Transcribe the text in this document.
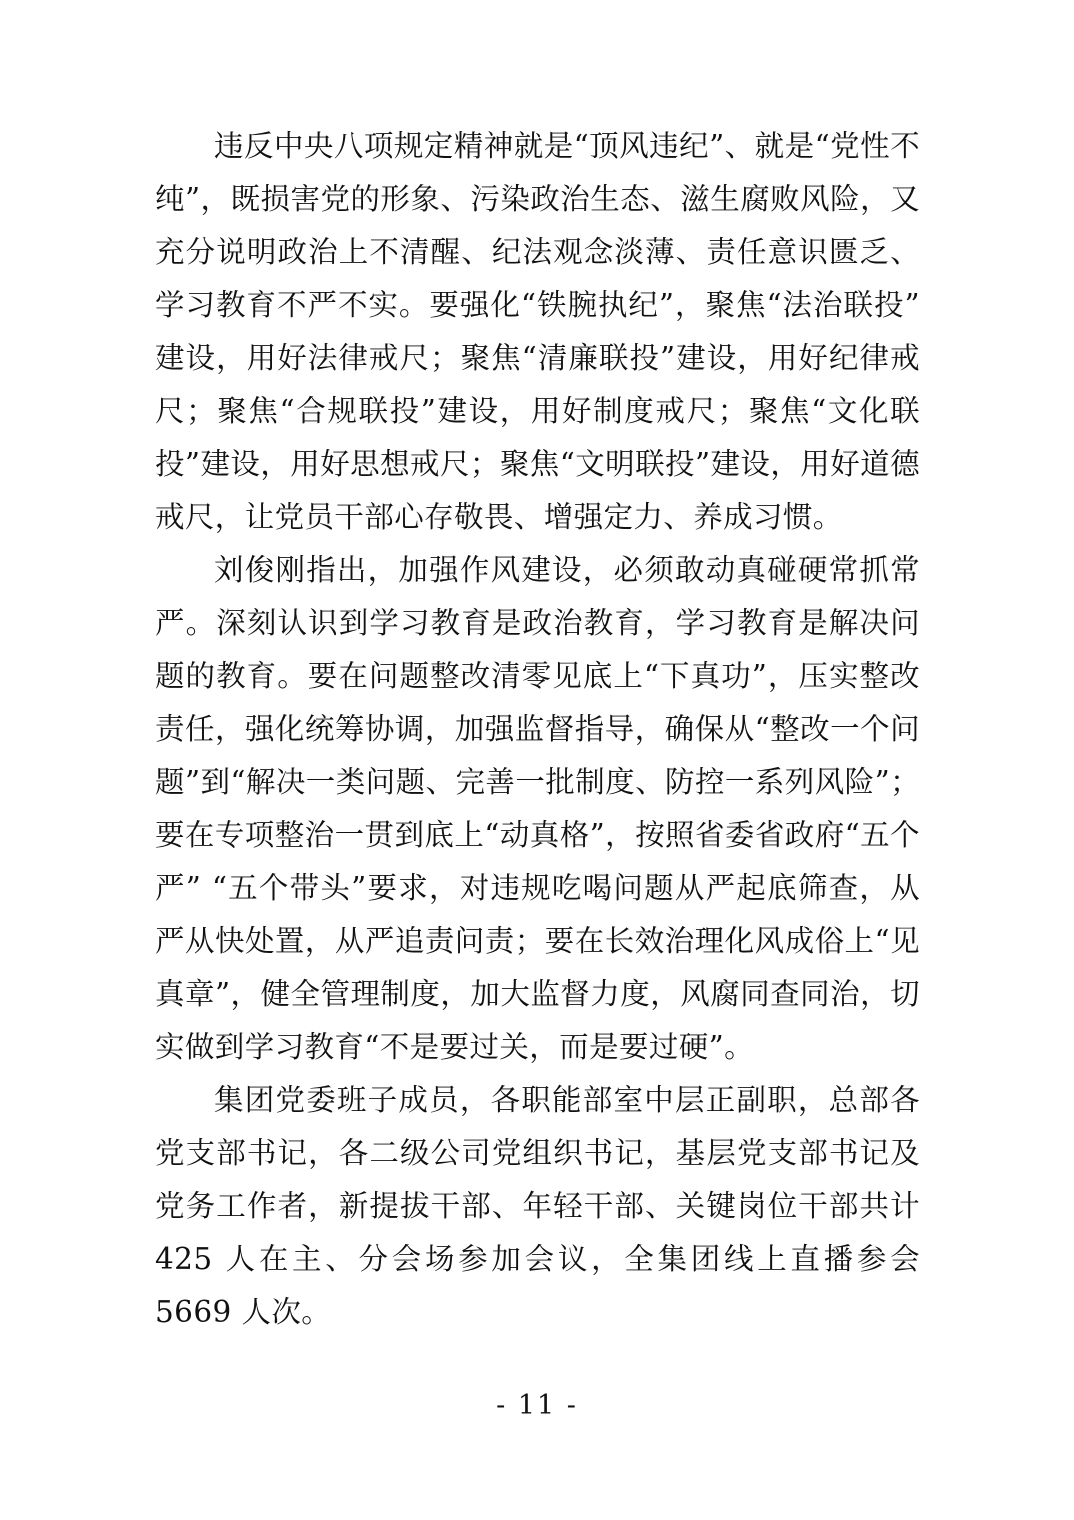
违反中央八项规定精神就是“顶风违纪”、就是“党性不纯”，既损害党的形象、污染政治生态、滋生腐败风险，又充分说明政治上不清醒、纪法观念淡薄、责任意识匮乏、学习教育不严不实。要强化“铁腕执纪”，聚焦“法治联投”建设，用好法律戒尺；聚焦“清廉联投”建设，用好纪律戒尺；聚焦“合规联投”建设，用好制度戒尺；聚焦“文化联投”建设，用好思想戒尺；聚焦“文明联投”建设，用好道德戒尺，让党员干部心存敬畏、增强定力、养成习惯。

刘俊刚指出，加强作风建设，必须敢动真碰硬常抓常严。深刻认识到学习教育是政治教育，学习教育是解决问题的教育。要在问题整改清零见底上“下真功”，压实整改责任，强化统筹协调，加强监督指导，确保从“整改一个问题”到“解决一类问题、完善一批制度、防控一系列风险”；要在专项整治一贯到底上“动真格”，按照省委省政府“五个严” “五个带头”要求，对违规吃喝问题从严起底筛查，从严从快处置，从严追责问责；要在长效治理化风成俗上“见真章”，健全管理制度，加大监督力度，风腐同查同治，切实做到学习教育“不是要过关，而是要过硬”。

集团党委班子成员，各职能部室中层正副职，总部各党支部书记，各二级公司党组织书记，基层党支部书记及党务工作者，新提拔干部、年轻干部、关键岗位干部共计 425 人在主、分会场参加会议，全集团线上直播参会 5669 人次。

- 11 -
